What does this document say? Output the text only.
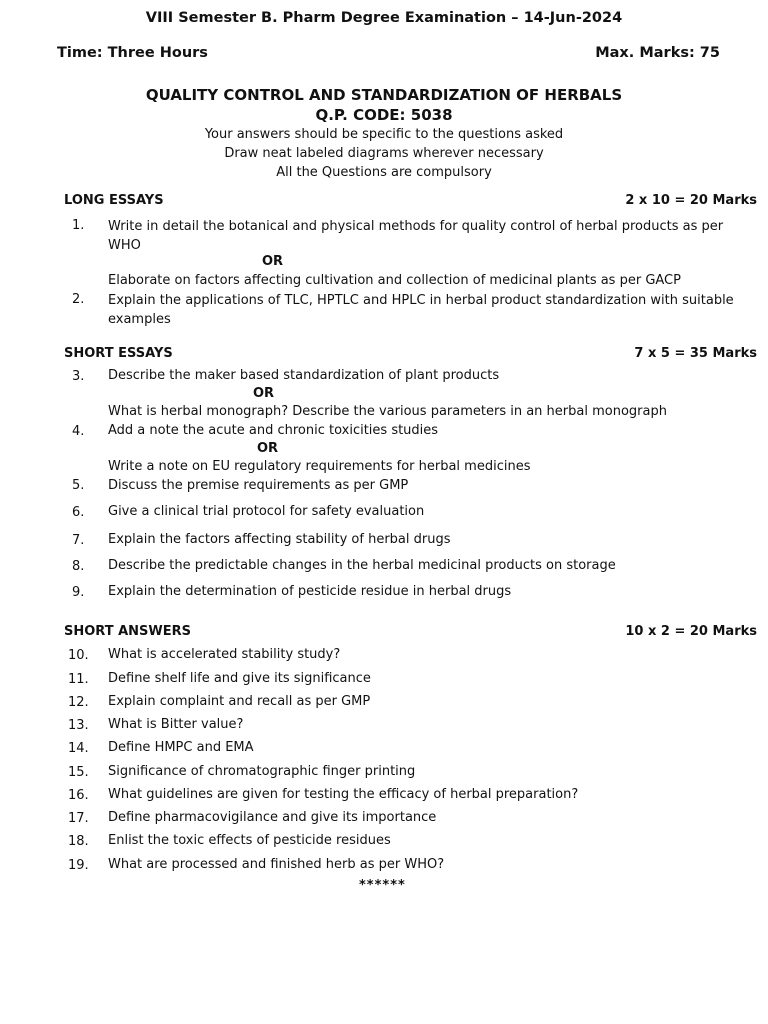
VIII Semester B. Pharm Degree Examination – 14-Jun-2024
Time: Three Hours	Max. Marks: 75
QUALITY CONTROL AND STANDARDIZATION OF HERBALS
Q.P. CODE: 5038
Your answers should be specific to the questions asked
Draw neat labeled diagrams wherever necessary
All the Questions are compulsory
LONG ESSAYS	2 x 10 = 20 Marks
1. Write in detail the botanical and physical methods for quality control of herbal products as per WHO
OR
Elaborate on factors affecting cultivation and collection of medicinal plants as per GACP
2. Explain the applications of TLC, HPTLC and HPLC in herbal product standardization with suitable examples
SHORT ESSAYS	7 x 5 = 35 Marks
3. Describe the maker based standardization of plant products
OR
What is herbal monograph? Describe the various parameters in an herbal monograph
4. Add a note the acute and chronic toxicities studies
OR
Write a note on EU regulatory requirements for herbal medicines
5. Discuss the premise requirements as per GMP
6. Give a clinical trial protocol for safety evaluation
7. Explain the factors affecting stability of herbal drugs
8. Describe the predictable changes in the herbal medicinal products on storage
9. Explain the determination of pesticide residue in herbal drugs
SHORT ANSWERS	10 x 2 = 20 Marks
10. What is accelerated stability study?
11. Define shelf life and give its significance
12. Explain complaint and recall as per GMP
13. What is Bitter value?
14. Define HMPC and EMA
15. Significance of chromatographic finger printing
16. What guidelines are given for testing the efficacy of herbal preparation?
17. Define pharmacovigilance and give its importance
18. Enlist the toxic effects of pesticide residues
19. What are processed and finished herb as per WHO?
******
